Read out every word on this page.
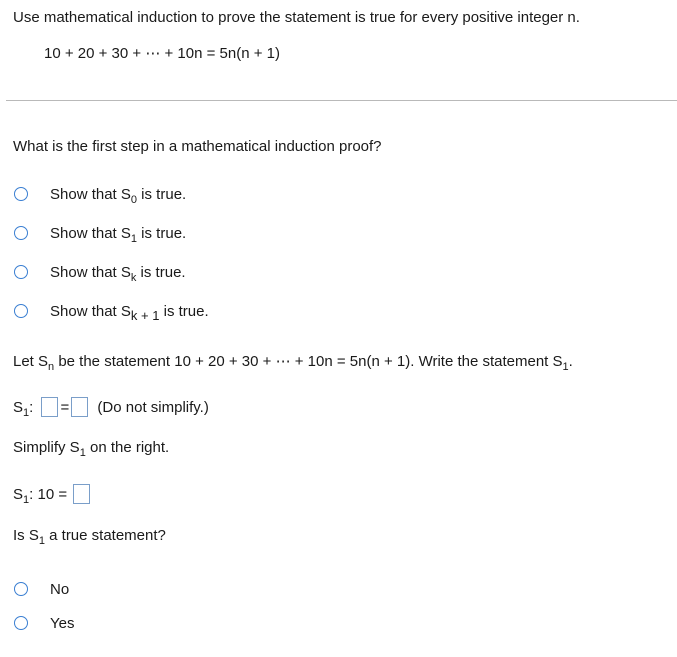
Use mathematical induction to prove the statement is true for every positive integer n.
10 + 20 + 30 + ⋯ + 10n = 5n(n + 1)
What is the first step in a mathematical induction proof?
Show that $S_0$ is true.
Show that $S_1$ is true.
Show that $S_k$ is true.
Show that $S_{k + 1}$ is true.
Let $S_n$ be the statement 10 + 20 + 30 + ⋯ + 10n = 5n(n + 1). Write the statement $S_1$.
$S_1$: = (Do not simplify.)
Simplify $S_1$ on the right.
$S_1$: 10 =
Is $S_1$ a true statement?
No
Yes
